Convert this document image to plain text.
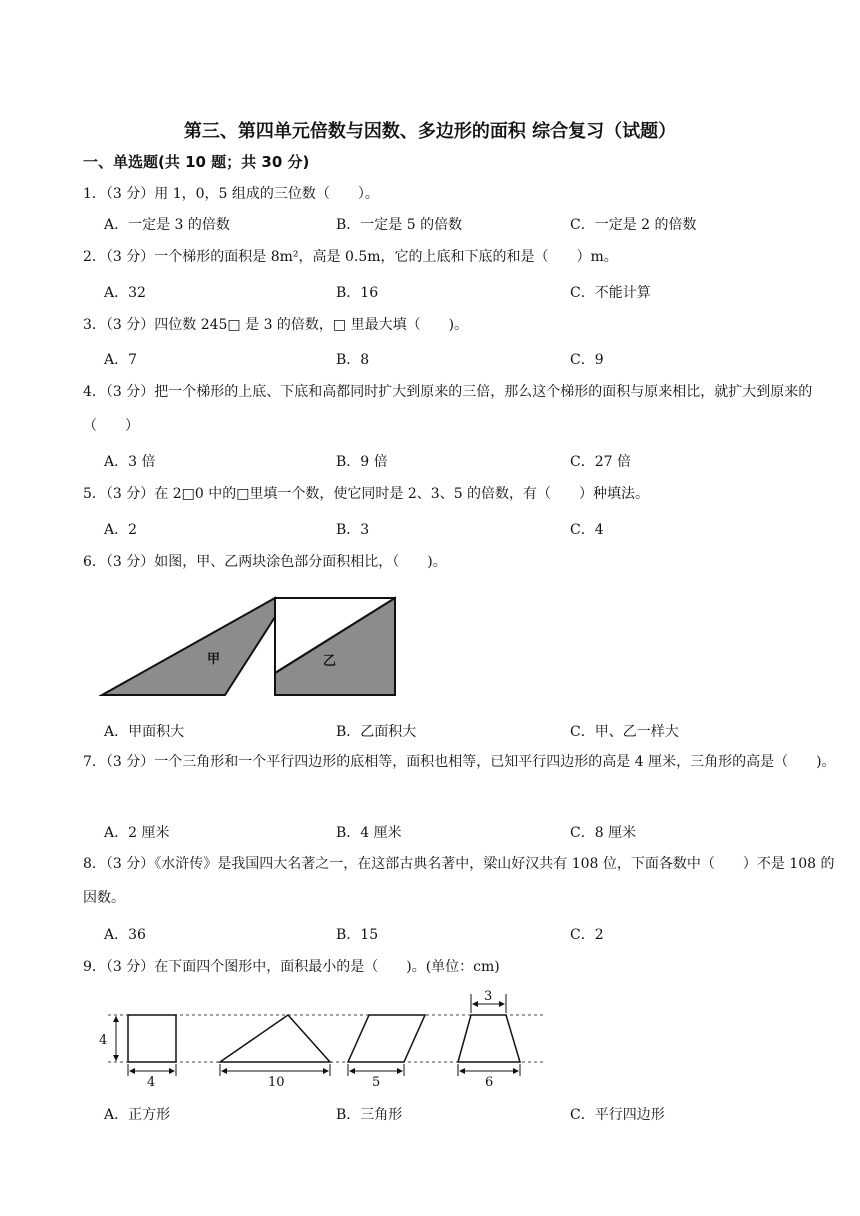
第三、第四单元倍数与因数、多边形的面积 综合复习（试题）
一、单选题(共 10 题；共 30 分)
1．（3 分）用 1，0，5 组成的三位数（　　）。
A．一定是 3 的倍数	B．一定是 5 的倍数	C．一定是 2 的倍数
2．（3 分）一个梯形的面积是 8m²，高是 0.5m，它的上底和下底的和是（　　）m。
A．32	B．16	C．不能计算
3．（3 分）四位数 245□ 是 3 的倍数，□ 里最大填（　　)。
A．7	B．8	C．9
4．（3 分）把一个梯形的上底、下底和高都同时扩大到原来的三倍，那么这个梯形的面积与原来相比，就扩大到原来的（　　）
A．3 倍	B．9 倍	C．27 倍
5．（3 分）在 2□0 中的□里填一个数，使它同时是 2、3、5 的倍数，有（　　）种填法。
A．2	B．3	C．4
6．（3 分）如图，甲、乙两块涂色部分面积相比，（　　)。
甲	乙
A．甲面积大	B．乙面积大	C．甲、乙一样大
7．（3 分）一个三角形和一个平行四边形的底相等，面积也相等，已知平行四边形的高是 4 厘米，三角形的高是（　　)。
A．2 厘米	B．4 厘米	C．8 厘米
8．（3 分）《水浒传》是我国四大名著之一，在这部古典名著中，梁山好汉共有 108 位，下面各数中（　　）不是 108 的因数。
A．36	B．15	C．2
9．（3 分）在下面四个图形中，面积最小的是（　　)。(单位：cm)
4
4	10	5
3
6
A．正方形	B．三角形	C．平行四边形
